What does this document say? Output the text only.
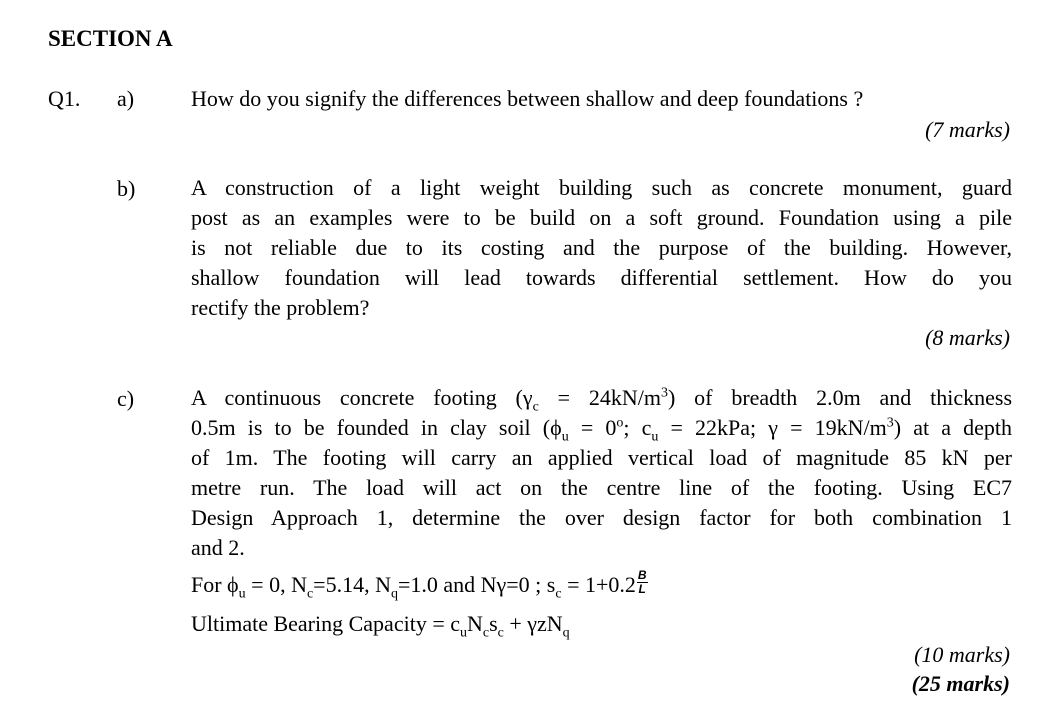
SECTION A
Q1. a)	How do you signify the differences between shallow and deep foundations ?
(7 marks)
b)	A construction of a light weight building such as concrete monument, guard
post as an examples were to be build on a soft ground. Foundation using a pile
is not reliable due to its costing and the purpose of the building. However,
shallow foundation will lead towards differential settlement. How do you
rectify the problem?
(8 marks)
c)	A continuous concrete footing $(\gamma_c = 24kN/m^3)$ of breadth 2.0m and thickness
0.5m is to be founded in clay soil ($\phi_u = 0^o$; $c_u = 22kPa$; $\gamma = 19kN/m^3$) at a depth
of 1m. The footing will carry an applied vertical load of magnitude 85 kN per
metre run. The load will act on the centre line of the footing. Using EC7
Design Approach 1, determine the over design factor for both combination 1
and 2.
For $\phi_u = 0$, $N_c=5.14$, $N_q=1.0$ and Nγ=0 ; $s_c = 1+0.2 \frac{B}{L}$
Ultimate Bearing Capacity = $c_uN_cs_c + \gamma zN_q$
(10 marks)
(25 marks)
